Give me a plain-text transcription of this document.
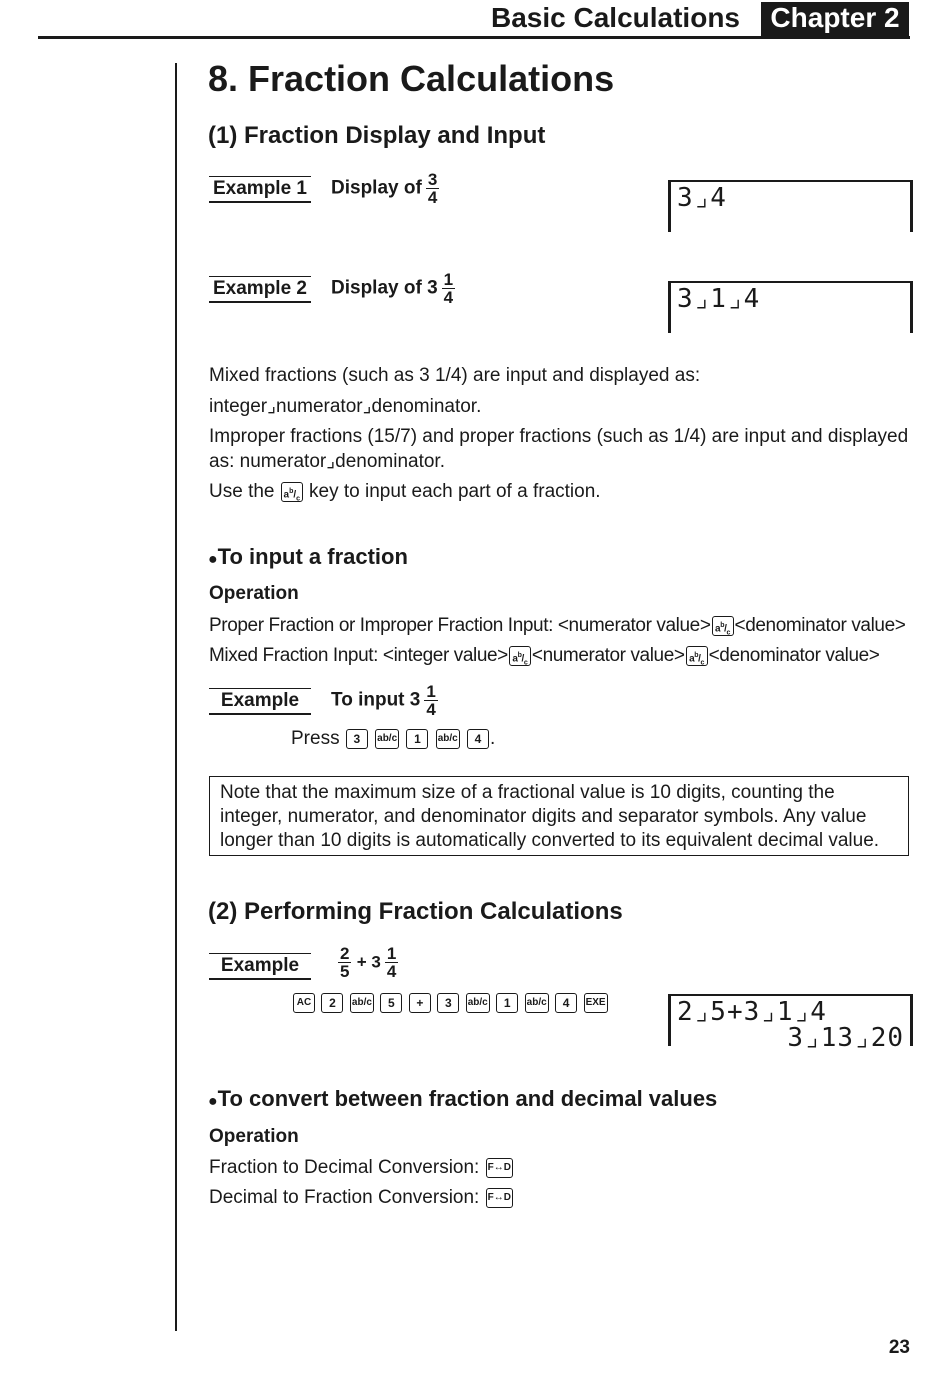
Basic Calculations	Chapter 2
8. Fraction Calculations
(1) Fraction Display and Input
Example 1 Display of $\frac{3}{4}$	3⌟4
Example 2 Display of $3 \frac{1}{4}$	3⌟1⌟4
Mixed fractions (such as 3 1/4) are input and displayed as:
integer⌟numerator⌟denominator.
Improper fractions (15/7) and proper fractions (such as 1/4) are input and displayed
as: numerator⌟denominator.
Use the $a^b/_c$ key to input each part of a fraction.
●To input a fraction
Operation
Proper Fraction or Improper Fraction Input: <numerator value> $a^b/_c$ <denominator value>
Mixed Fraction Input: <integer value> $a^b/_c$ <numerator value> $a^b/_c$ <denominator value>
Example	To input $3 \frac{1}{4}$
Press 3 ab/c 1 ab/c 4 .
Note that the maximum size of a fractional value is 10 digits, counting the integer, numerator, and denominator digits and separator symbols. Any value longer than 10 digits is automatically converted to its equivalent decimal value.
(2) Performing Fraction Calculations
Example	$\frac{2}{5} + 3 \frac{1}{4}$
AC 2 ab/c 5 + 3 ab/c 1 ab/c 4 EXE	2⌟5+3⌟1⌟4
3⌟13⌟20
●To convert between fraction and decimal values
Operation
Fraction to Decimal Conversion: F↔D
Decimal to Fraction Conversion: F↔D
23
